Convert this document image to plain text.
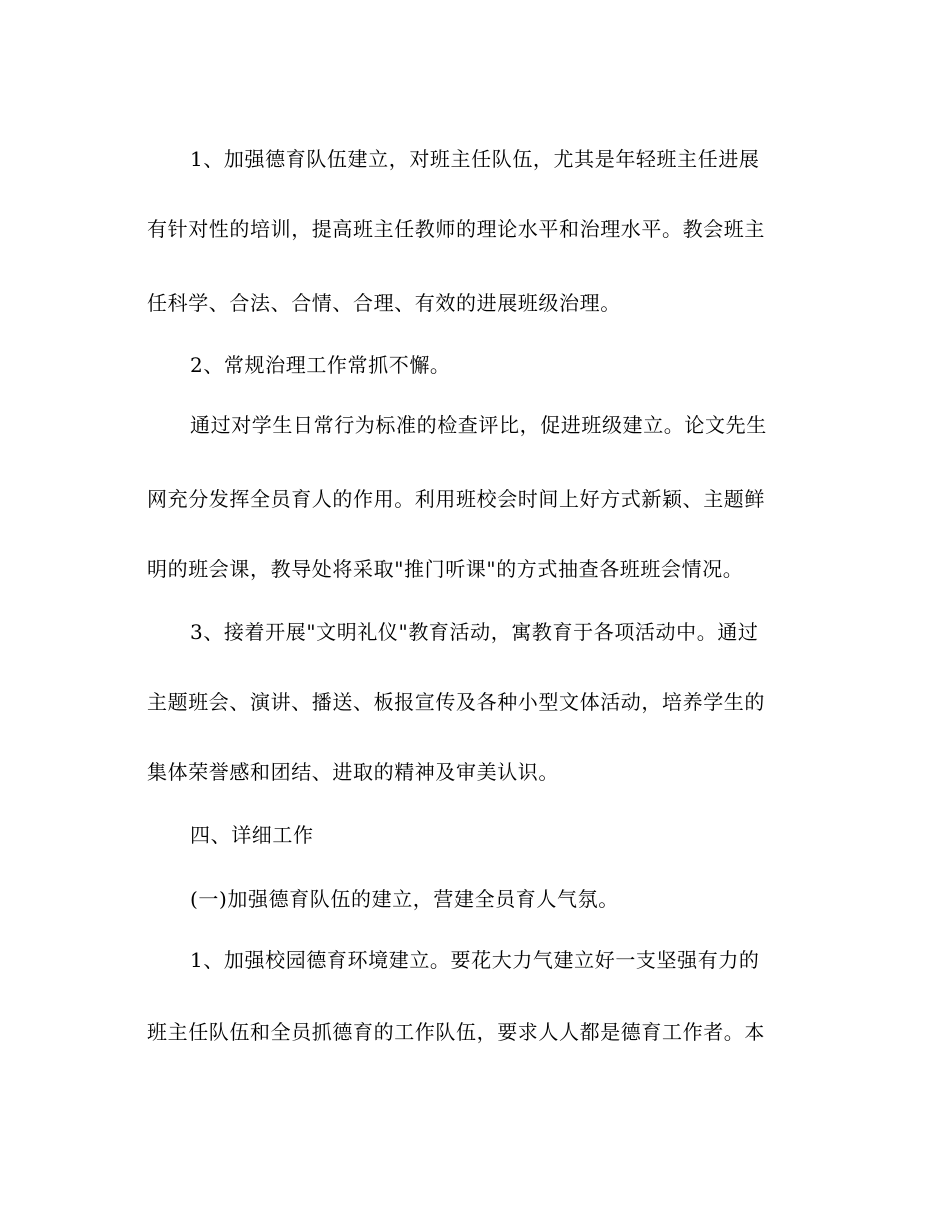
1、加强德育队伍建立，对班主任队伍，尤其是年轻班主任进展
有针对性的培训，提高班主任教师的理论水平和治理水平。教会班主
任科学、合法、合情、合理、有效的进展班级治理。
2、常规治理工作常抓不懈。
通过对学生日常行为标准的检查评比，促进班级建立。论文先生
网充分发挥全员育人的作用。利用班校会时间上好方式新颖、主题鲜
明的班会课，教导处将采取"推门听课"的方式抽查各班班会情况。
3、接着开展"文明礼仪"教育活动，寓教育于各项活动中。通过
主题班会、演讲、播送、板报宣传及各种小型文体活动，培养学生的
集体荣誉感和团结、进取的精神及审美认识。
四、详细工作
(一)加强德育队伍的建立，营建全员育人气氛。
1、加强校园德育环境建立。要花大力气建立好一支坚强有力的
班主任队伍和全员抓德育的工作队伍，要求人人都是德育工作者。本
